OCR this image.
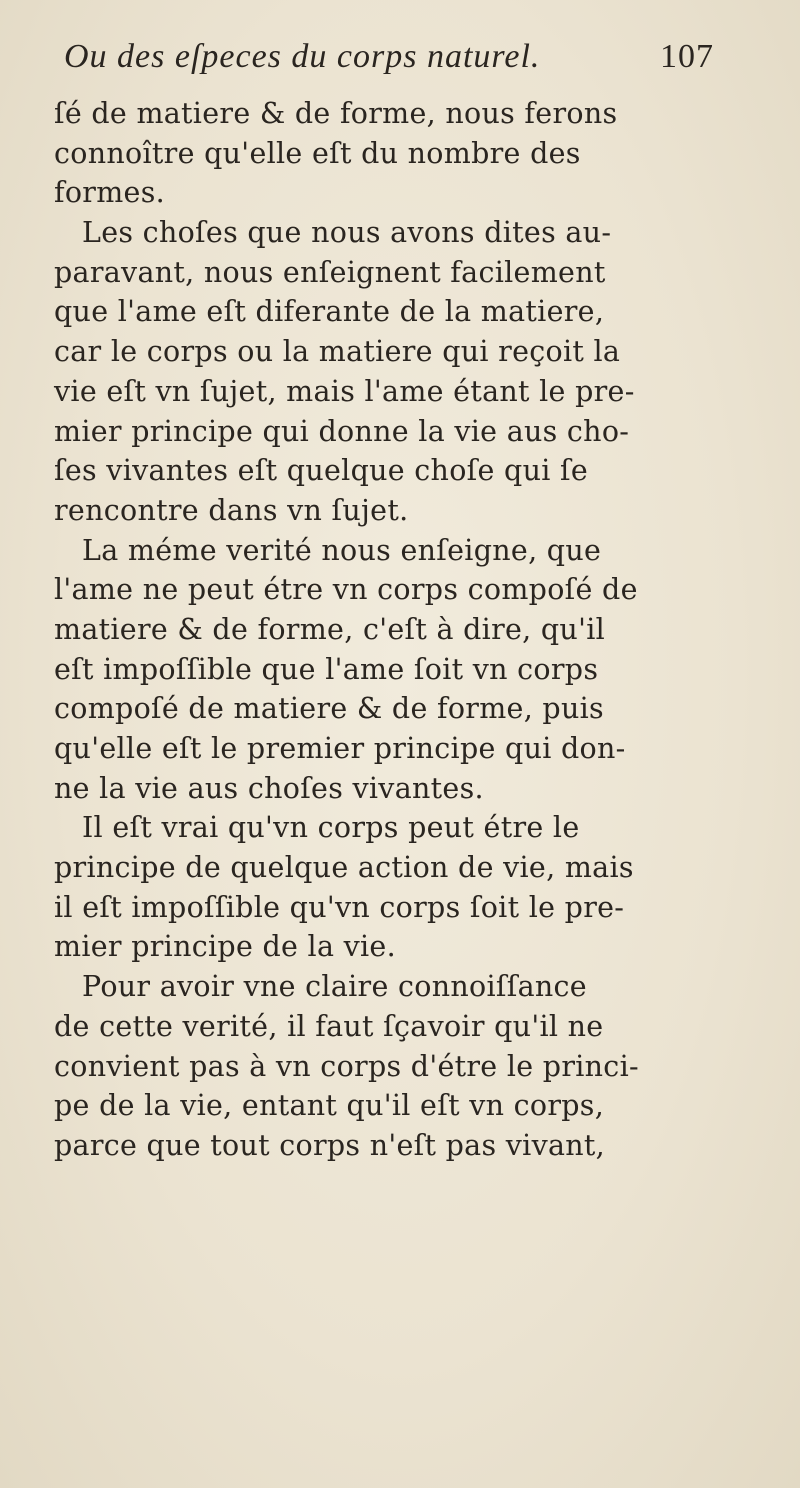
Ou des eſpeces du corps naturel.	107
ſé de matiere & de forme, nous ferons
connoître qu'elle eſt du nombre des
formes.
Les choſes que nous avons dites au-
paravant, nous enſeignent facilement
que l'ame eſt diferante de la matiere,
car le corps ou la matiere qui reçoit la
vie eſt vn ſujet, mais l'ame étant le pre-
mier principe qui donne la vie aus cho-
ſes vivantes eſt quelque choſe qui ſe
rencontre dans vn ſujet.
La méme verité nous enſeigne, que
l'ame ne peut étre vn corps compoſé de
matiere & de forme, c'eſt à dire, qu'il
eſt impoſſible que l'ame ſoit vn corps
compoſé de matiere & de forme, puis
qu'elle eſt le premier principe qui don-
ne la vie aus choſes vivantes.
Il eſt vrai qu'vn corps peut étre le
principe de quelque action de vie, mais
il eſt impoſſible qu'vn corps ſoit le pre-
mier principe de la vie.
Pour avoir vne claire connoiſſance
de cette verité, il faut ſçavoir qu'il ne
convient pas à vn corps d'étre le princi-
pe de la vie, entant qu'il eſt vn corps,
parce que tout corps n'eſt pas vivant,
